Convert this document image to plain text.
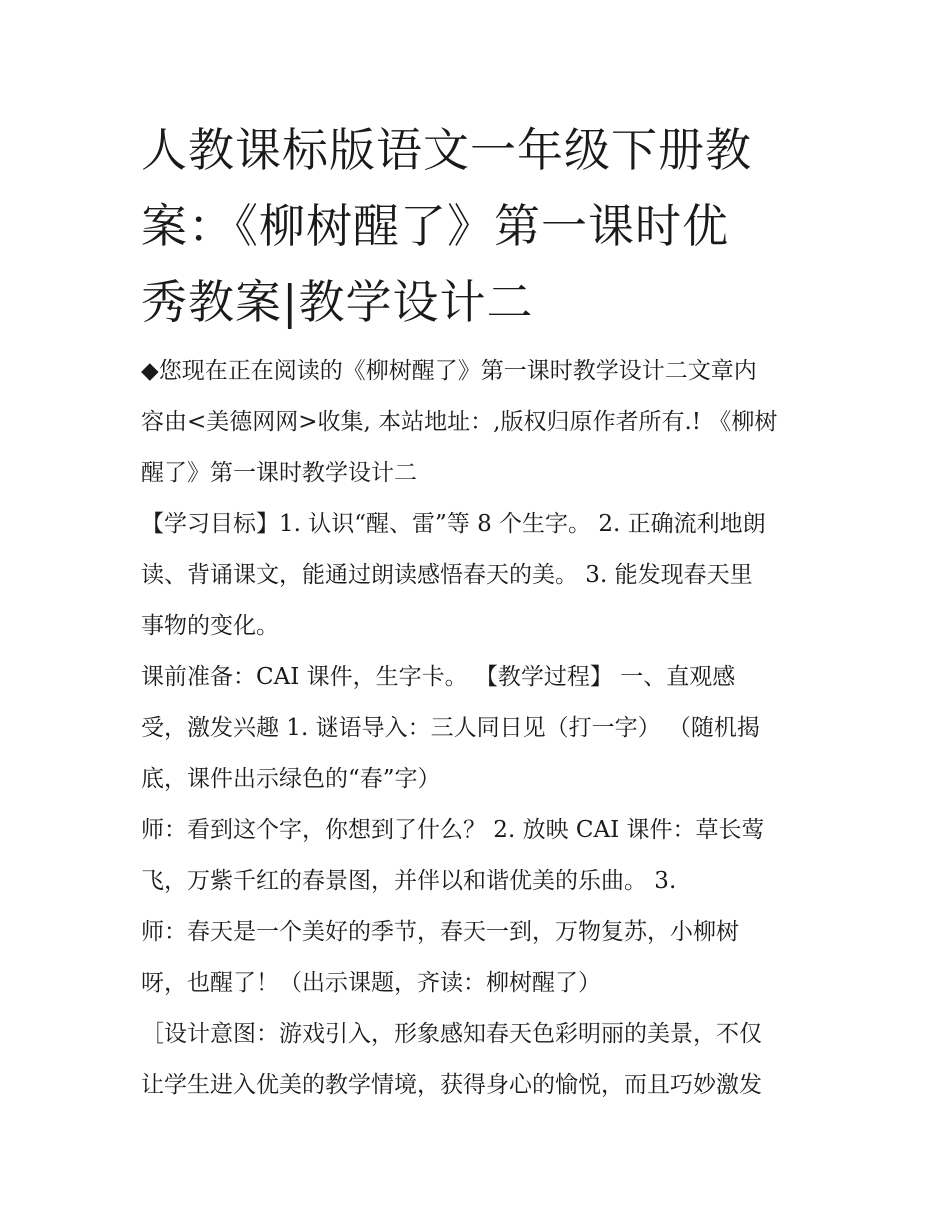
人教课标版语文一年级下册教
案：《柳树醒了》第一课时优
秀教案|教学设计二

◆您现在正在阅读的《柳树醒了》第一课时教学设计二文章内
容由<美德网网>收集, 本站地址：,版权归原作者所有.! 《柳树
醒了》第一课时教学设计二

【学习目标】1. 认识“醒、雷”等 8 个生字。 2. 正确流利地朗
读、背诵课文，能通过朗读感悟春天的美。 3. 能发现春天里
事物的变化。

课前准备：CAI 课件，生字卡。 【教学过程】 一、直观感
受，激发兴趣 1. 谜语导入：三人同日见（打一字） （随机揭
底，课件出示绿色的“春”字）

师：看到这个字，你想到了什么？ 2. 放映 CAI 课件：草长莺
飞，万紫千红的春景图，并伴以和谐优美的乐曲。 3.

师：春天是一个美好的季节，春天一到，万物复苏，小柳树
呀，也醒了！（出示课题，齐读：柳树醒了）

［设计意图：游戏引入，形象感知春天色彩明丽的美景，不仅
让学生进入优美的教学情境，获得身心的愉悦，而且巧妙激发
